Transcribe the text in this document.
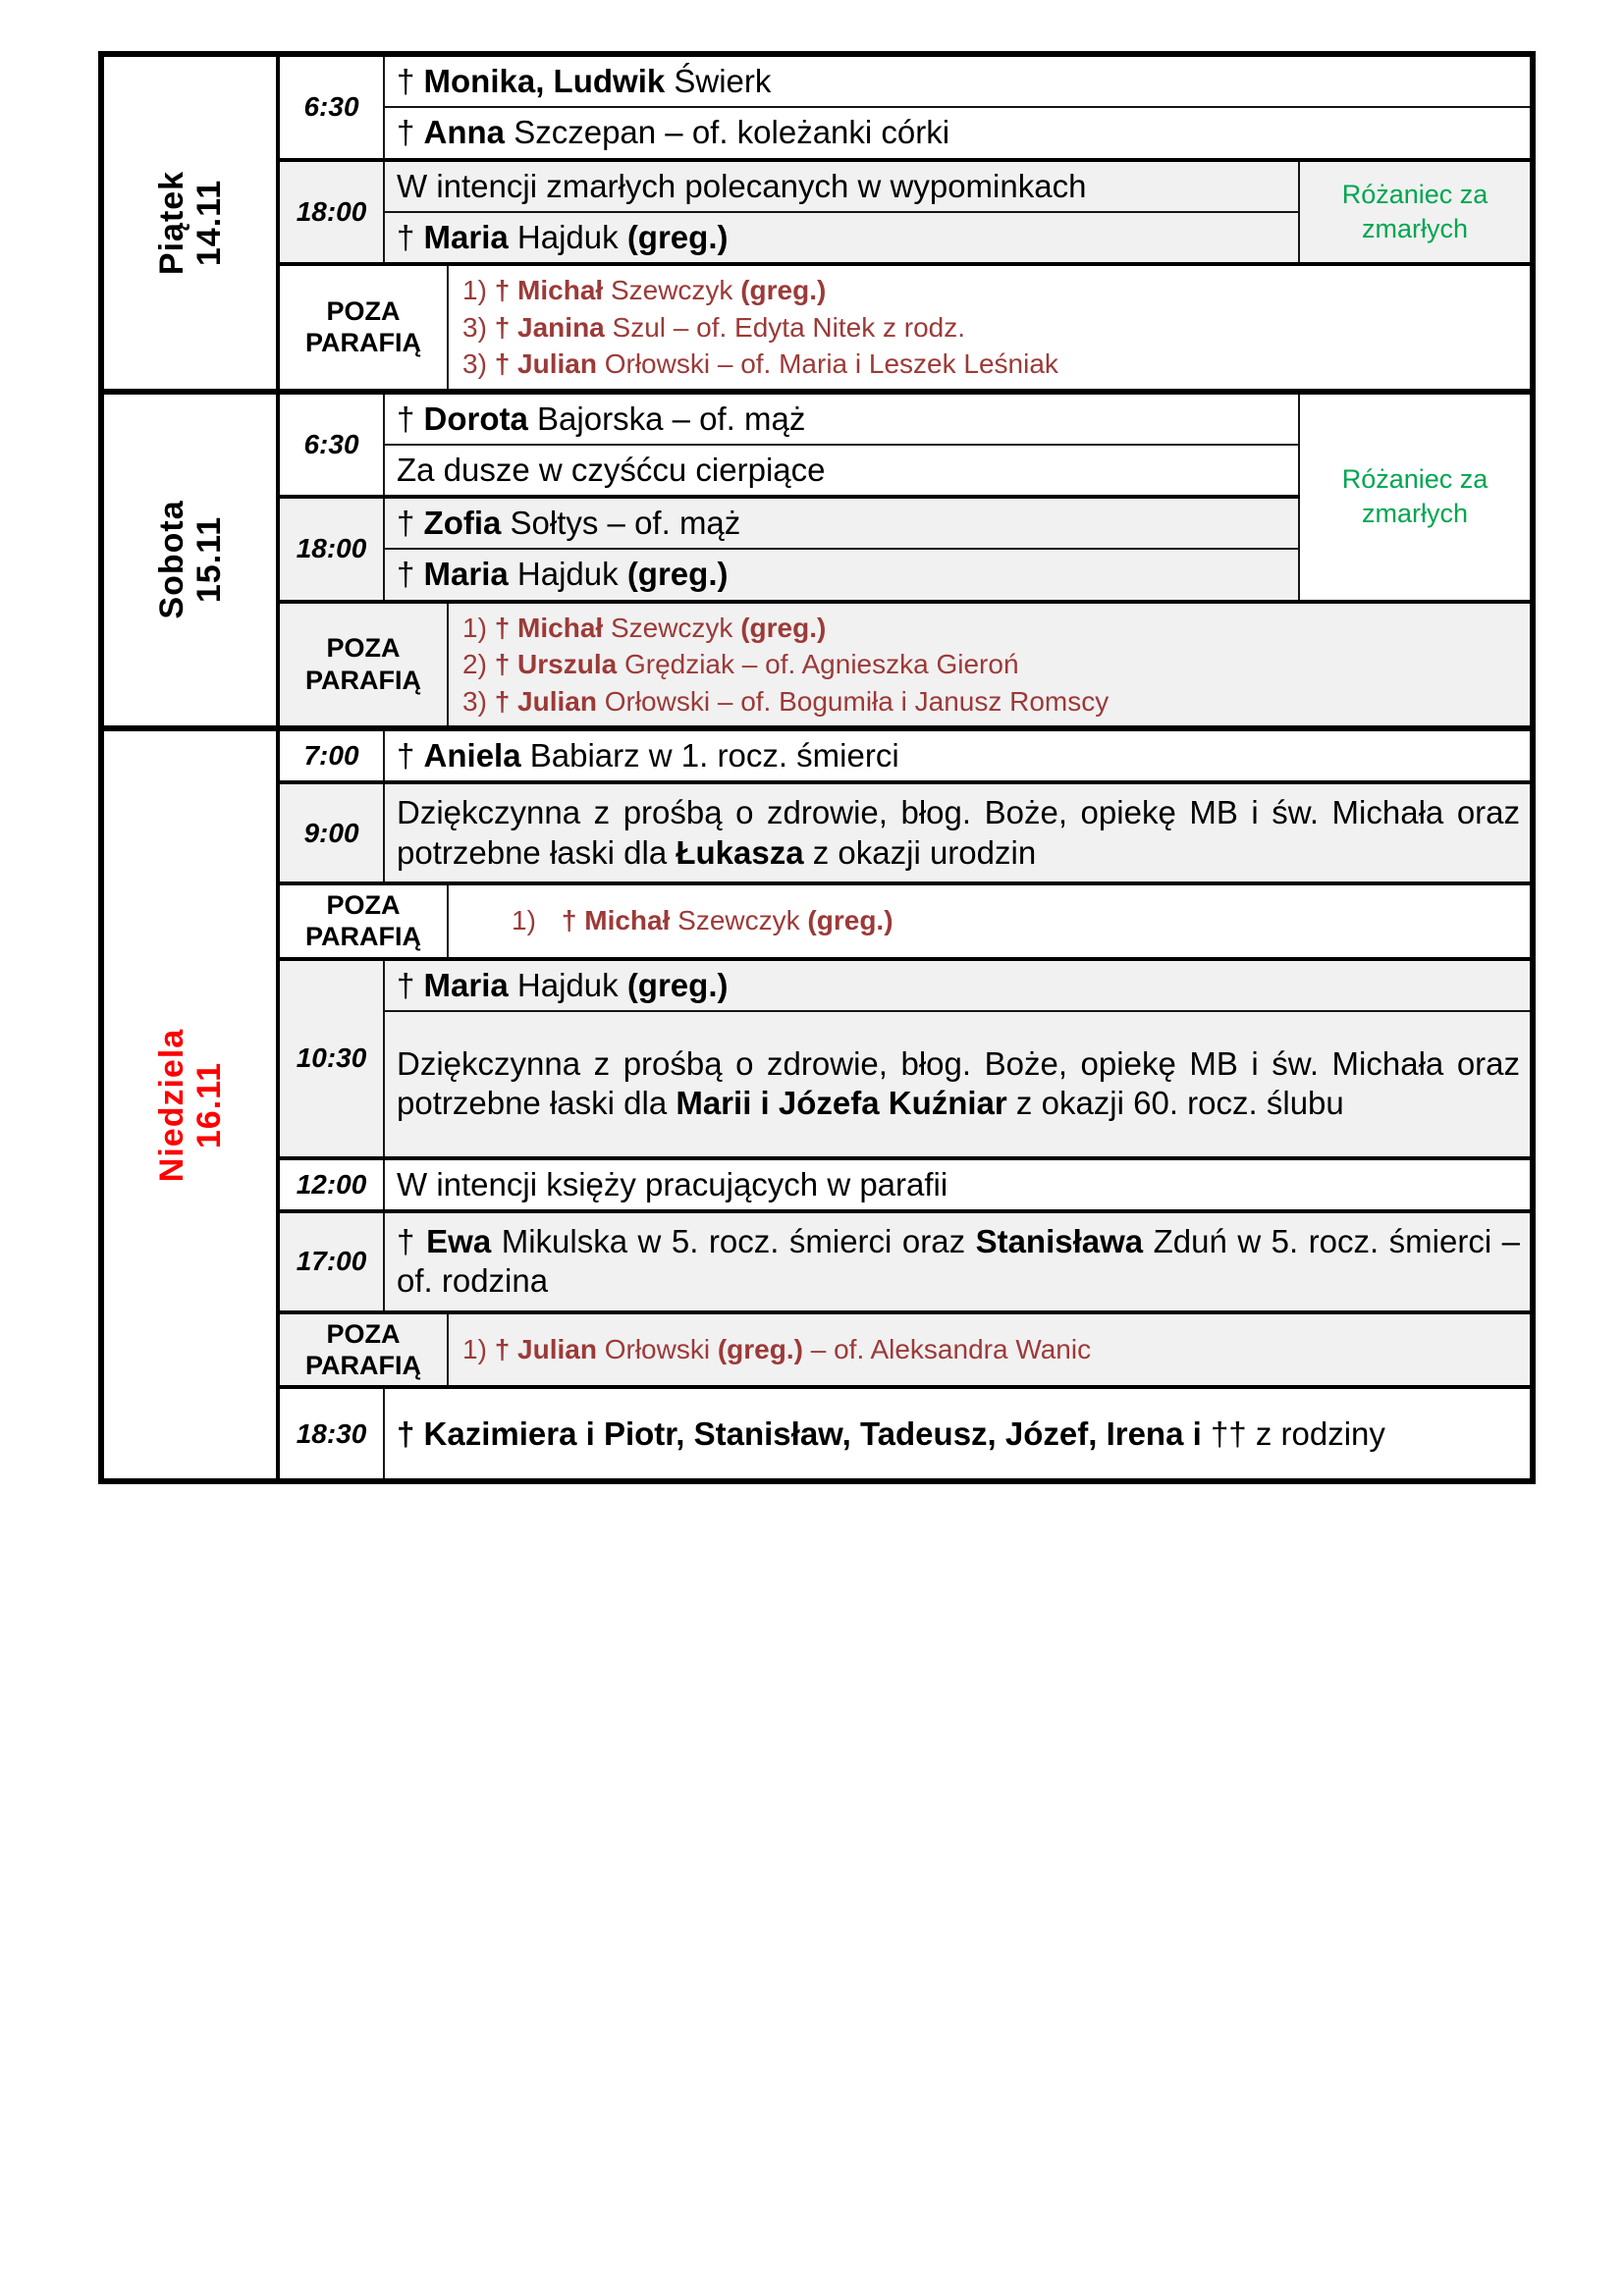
Piątek 14.11	6:30	† Monika, Ludwik Świerk		
		† Anna Szczepan – of. koleżanki córki		
	18:00	W intencji zmarłych polecanych w wypominkach		Różaniec za zmarłych
		† Maria Hajduk (greg.)		
	POZA PARAFIĄ		1) † Michał Szewczyk (greg.)
3) † Janina Szul – of. Edyta Nitek z rodz.
3) † Julian Orłowski – of. Maria i Leszek Leśniak	

Sobota 15.11	6:30	† Dorota Bajorska – of. mąż		Różaniec za zmarłych
		Za dusze w czyśćcu cierpiące		
	18:00	† Zofia Sołtys – of. mąż		
		† Maria Hajduk (greg.)		
	POZA PARAFIĄ		1) † Michał Szewczyk (greg.)
2) † Urszula Grędziak – of. Agnieszka Gieroń
3) † Julian Orłowski – of. Bogumiła i Janusz Romscy	

Niedziela 16.11	7:00	† Aniela Babiarz w 1. rocz. śmierci		
	9:00	Dziękczynna z prośbą o zdrowie, błog. Boże, opiekę MB i św. Michała oraz potrzebne łaski dla Łukasza z okazji urodzin		
	POZA PARAFIĄ		1) † Michał Szewczyk (greg.)	

	10:30	† Maria Hajduk (greg.)		
		Dziękczynna z prośbą o zdrowie, błog. Boże, opiekę MB i św. Michała oraz potrzebne łaski dla Marii i Józefa Kuźniar z okazji 60. rocz. ślubu		
	12:00	W intencji księży pracujących w parafii		
	17:00	† Ewa Mikulska w 5. rocz. śmierci oraz Stanisława Zduń w 5. rocz. śmierci – of. rodzina		
	POZA PARAFIĄ		1) † Julian Orłowski (greg.) – of. Aleksandra Wanic	

	18:30	† Kazimiera i Piotr, Stanisław, Tadeusz, Józef, Irena i †† z rodziny		
